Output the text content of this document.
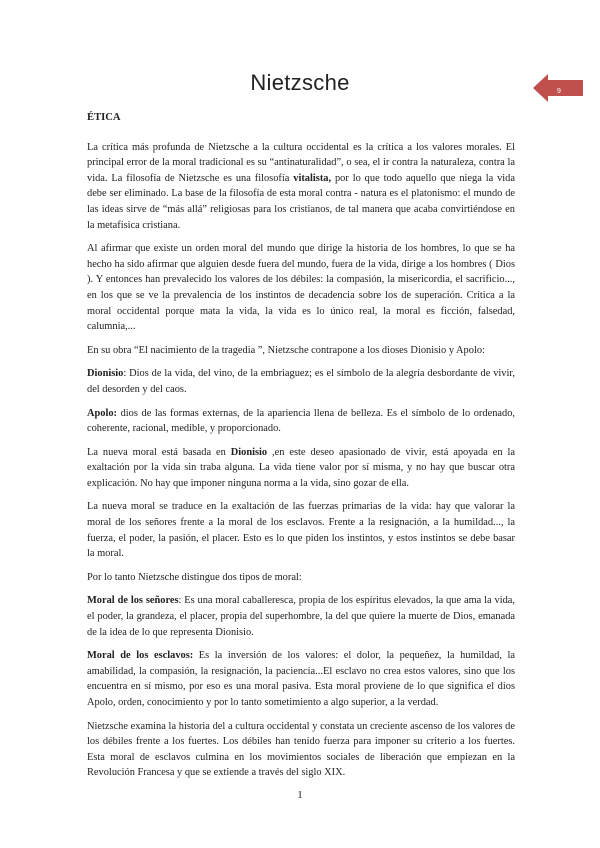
Nietzsche	9
ÉTICA

La crítica más profunda de Nietzsche a la cultura occidental es la crítica a los valores morales. El principal error de la moral tradicional es su “antinaturalidad”, o sea, el ir contra la naturaleza, contra la vida. La filosofía de Nietzsche es una filosofía vitalista, por lo que todo aquello que niega la vida debe ser eliminado. La base de la filosofía de esta moral contra - natura es el platonismo: el mundo de las ideas sirve de “más allá” religiosas para los cristianos, de tal manera que acaba convirtiéndose en la metafísica cristiana.

Al afirmar que existe un orden moral del mundo que dirige la historia de los hombres, lo que se ha hecho ha sido afirmar que alguien desde fuera del mundo, fuera de la vida, dirige a los hombres ( Dios ). Y entonces han prevalecido los valores de los débiles: la compasión, la misericordia, el sacrificio..., en los que se ve la prevalencia de los instintos de decadencia sobre los de superación. Crítica a la moral occidental porque mata la vida, la vida es lo único real, la moral es ficción, falsedad, calumnia,...

En su obra “El nacimiento de la tragedia ”, Nietzsche contrapone a los dioses Dionisio y Apolo:

Dionisio: Dios de la vida, del vino, de la embriaguez; es el símbolo de la alegría desbordante de vivir, del desorden y del caos.

Apolo: dios de las formas externas, de la apariencia llena de belleza. Es el símbolo de lo ordenado, coherente, racional, medible, y proporcionado.

La nueva moral está basada en Dionisio ,en este deseo apasionado de vivir, está apoyada en la exaltación por la vida sin traba alguna. La vida tiene valor por sí misma, y no hay que buscar otra explicación. No hay que imponer ninguna norma a la vida, sino gozar de ella.

La nueva moral se traduce en la exaltación de las fuerzas primarias de la vida: hay que valorar la moral de los señores frente a la moral de los esclavos. Frente a la resignación, a la humildad..., la fuerza, el poder, la pasión, el placer. Esto es lo que piden los instintos, y estos instintos se debe basar la moral.

Por lo tanto Nietzsche distingue dos tipos de moral:

Moral de los señores: Es una moral caballeresca, propia de los espíritus elevados, la que ama la vida, el poder, la grandeza, el placer, propia del superhombre, la del que quiere la muerte de Dios, emanada de la idea de lo que representa Dionisio.

Moral de los esclavos: Es la inversión de los valores: el dolor, la pequeñez, la humildad, la amabilidad, la compasión, la resignación, la paciencia...El esclavo no crea estos valores, sino que los encuentra en sí mismo, por eso es una moral pasiva. Esta moral proviene de lo que significa el dios Apolo, orden, conocimiento y por lo tanto sometimiento a algo superior, a la verdad.

Nietzsche examina la historia del a cultura occidental y constata un creciente ascenso de los valores de los débiles frente a los fuertes. Los débiles han tenido fuerza para imponer su criterio a los fuertes. Esta moral de esclavos culmina en los movimientos sociales de liberación que empiezan en la Revolución Francesa y que se extiende a través del siglo XIX.

1
